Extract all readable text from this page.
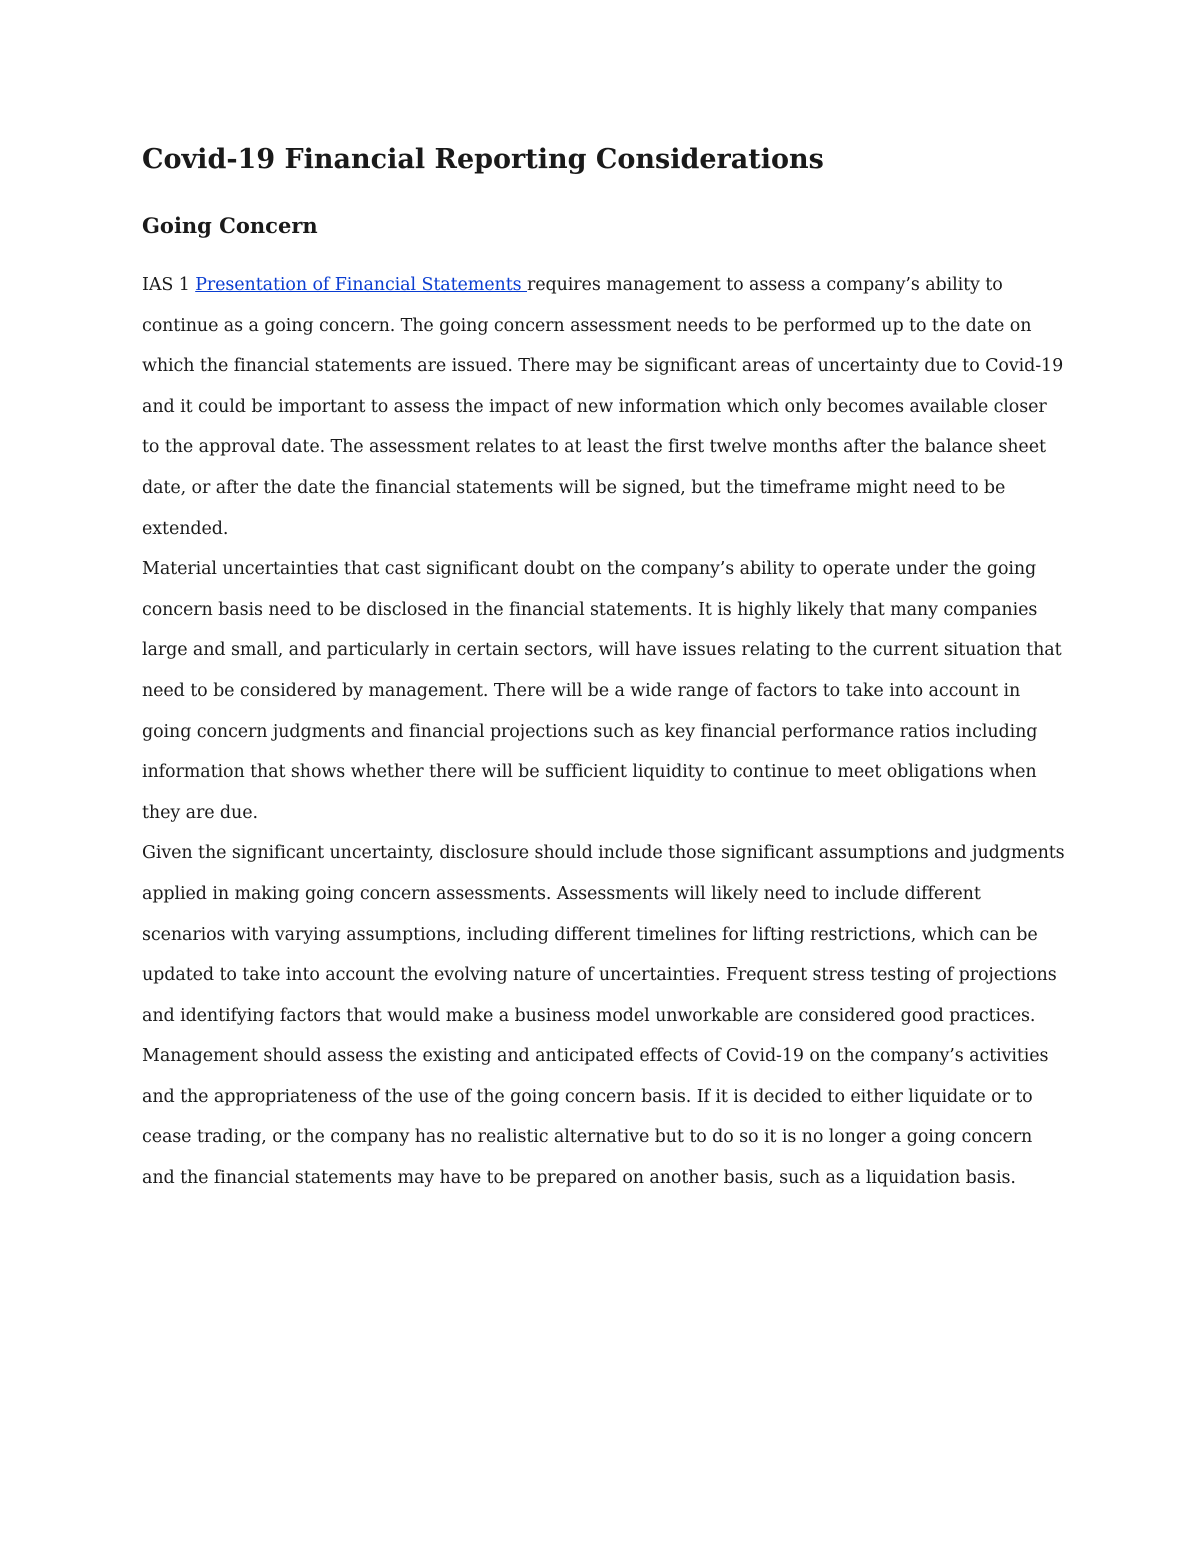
Covid-19 Financial Reporting Considerations
Going Concern

IAS 1 Presentation of Financial Statements requires management to assess a company’s ability to continue as a going concern. The going concern assessment needs to be performed up to the date on which the financial statements are issued. There may be significant areas of uncertainty due to Covid-19 and it could be important to assess the impact of new information which only becomes available closer to the approval date. The assessment relates to at least the first twelve months after the balance sheet date, or after the date the financial statements will be signed, but the timeframe might need to be extended.

Material uncertainties that cast significant doubt on the company’s ability to operate under the going concern basis need to be disclosed in the financial statements. It is highly likely that many companies large and small, and particularly in certain sectors, will have issues relating to the current situation that need to be considered by management. There will be a wide range of factors to take into account in going concern judgments and financial projections such as key financial performance ratios including information that shows whether there will be sufficient liquidity to continue to meet obligations when they are due.

Given the significant uncertainty, disclosure should include those significant assumptions and judgments applied in making going concern assessments. Assessments will likely need to include different scenarios with varying assumptions, including different timelines for lifting restrictions, which can be updated to take into account the evolving nature of uncertainties. Frequent stress testing of projections and identifying factors that would make a business model unworkable are considered good practices.

Management should assess the existing and anticipated effects of Covid-19 on the company’s activities and the appropriateness of the use of the going concern basis. If it is decided to either liquidate or to cease trading, or the company has no realistic alternative but to do so it is no longer a going concern and the financial statements may have to be prepared on another basis, such as a liquidation basis.
